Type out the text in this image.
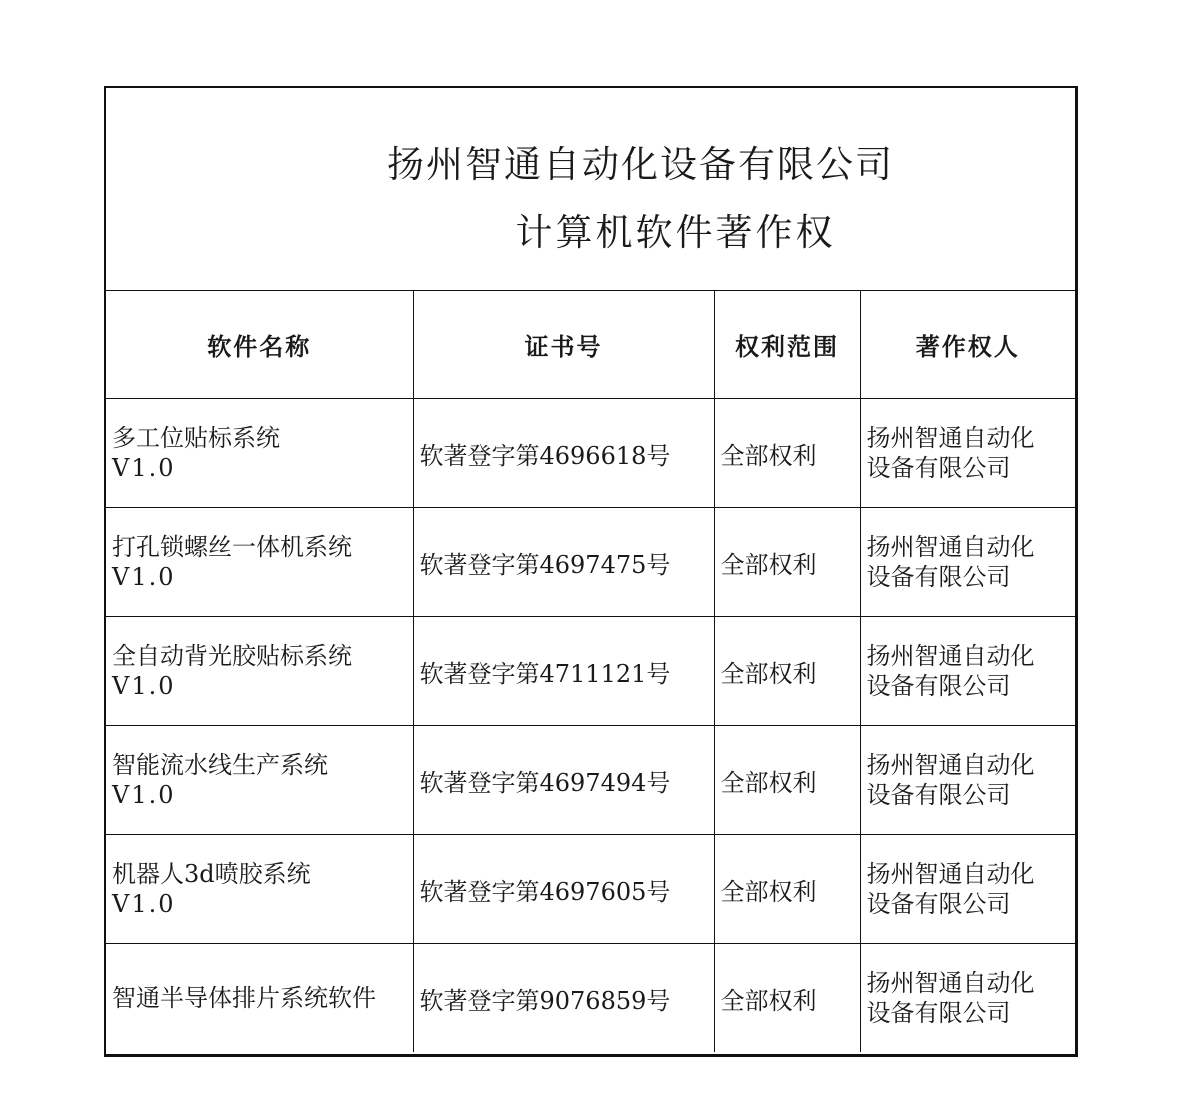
扬州智通自动化设备有限公司
计算机软件著作权
软件名称	证书号	权利范围	著作权人

多工位贴标系统
V1.0	软著登字第4696618号	全部权利	扬州智通自动化
设备有限公司

打孔锁螺丝一体机系统
V1.0	软著登字第4697475号	全部权利	扬州智通自动化
设备有限公司

全自动背光胶贴标系统
V1.0	软著登字第4711121号	全部权利	扬州智通自动化
设备有限公司

智能流水线生产系统
V1.0	软著登字第4697494号	全部权利	扬州智通自动化
设备有限公司

机器人3d喷胶系统
V1.0	软著登字第4697605号	全部权利	扬州智通自动化
设备有限公司

智通半导体排片系统软件	软著登字第9076859号	全部权利	扬州智通自动化
设备有限公司
